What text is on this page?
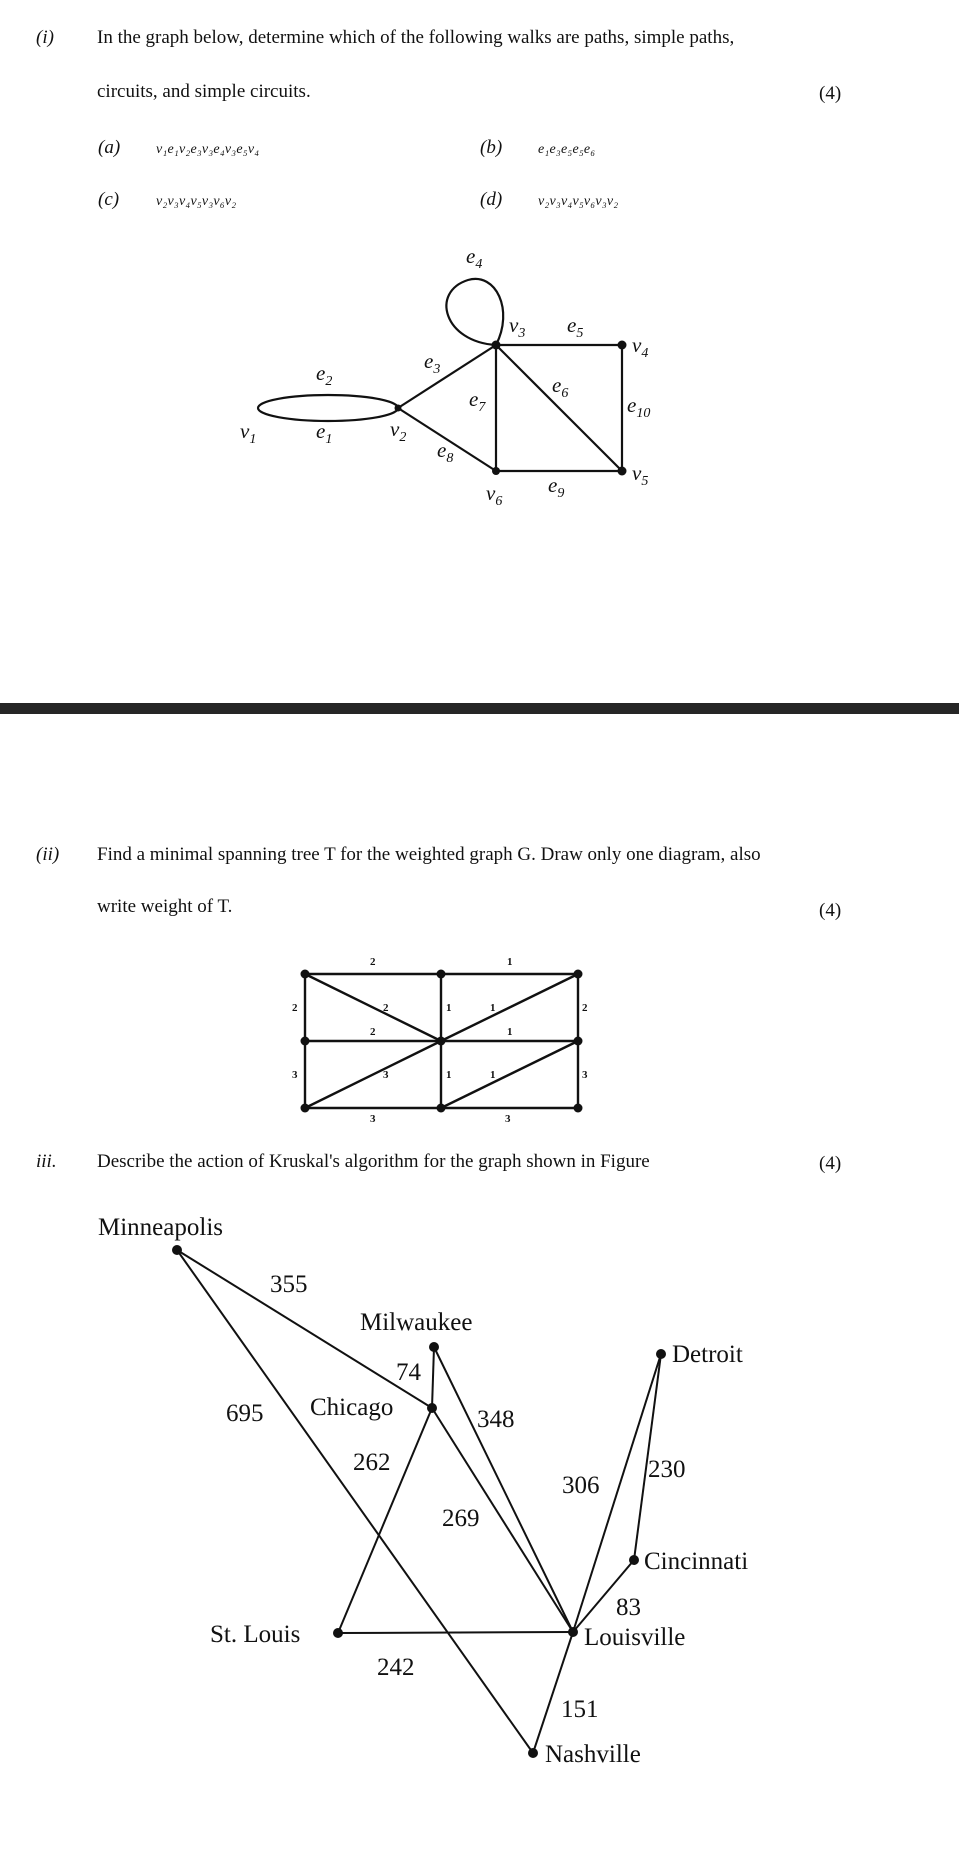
(i) In the graph below, determine which of the following walks are paths, simple paths,
circuits, and simple circuits.	(4)
(a)	v₁e₁v₂e₃v₃e₄v₃e₅v₄	(b)	e₁e₃e₅e₅e₆
(c)	v₂v₃v₄v₅v₃v₆v₂	(d)	v₂v₃v₄v₅v₆v₃v₂
$v_1$	$v_2$
$v_3$	$v_4$
$v_5$
$v_6$
$e_1$
$e_2$
$e_3$
$e_4$
$e_5$
$e_6$
$e_7$
$e_8$
$e_9$
$e_{10}$
(ii) Find a minimal spanning tree T for the weighted graph G. Draw only one diagram, also
write weight of T.	(4)
2	1
2	2	1	1	2
2	1
3	3	1	1	3
3	3
iii. Describe the action of Kruskal's algorithm for the graph shown in Figure	(4)
Minneapolis
Milwaukee
Chicago
Detroit
Cincinnati
St. Louis	Louisville
Nashville
355
695
74
348
262
269
306
230
83
242
151
